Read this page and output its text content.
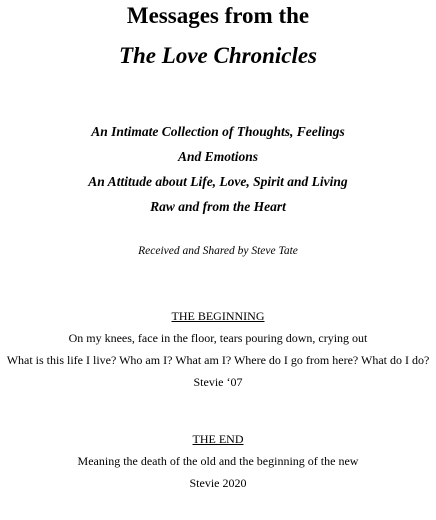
Messages from the
The Love Chronicles
An Intimate Collection of Thoughts, Feelings
And Emotions
An Attitude about Life, Love, Spirit and Living
Raw and from the Heart
Received and Shared by Steve Tate
THE BEGINNING
On my knees, face in the floor, tears pouring down, crying out
What is this life I live? Who am I? What am I? Where do I go from here? What do I do?
Stevie ‘07
THE END
Meaning the death of the old and the beginning of the new
Stevie 2020
